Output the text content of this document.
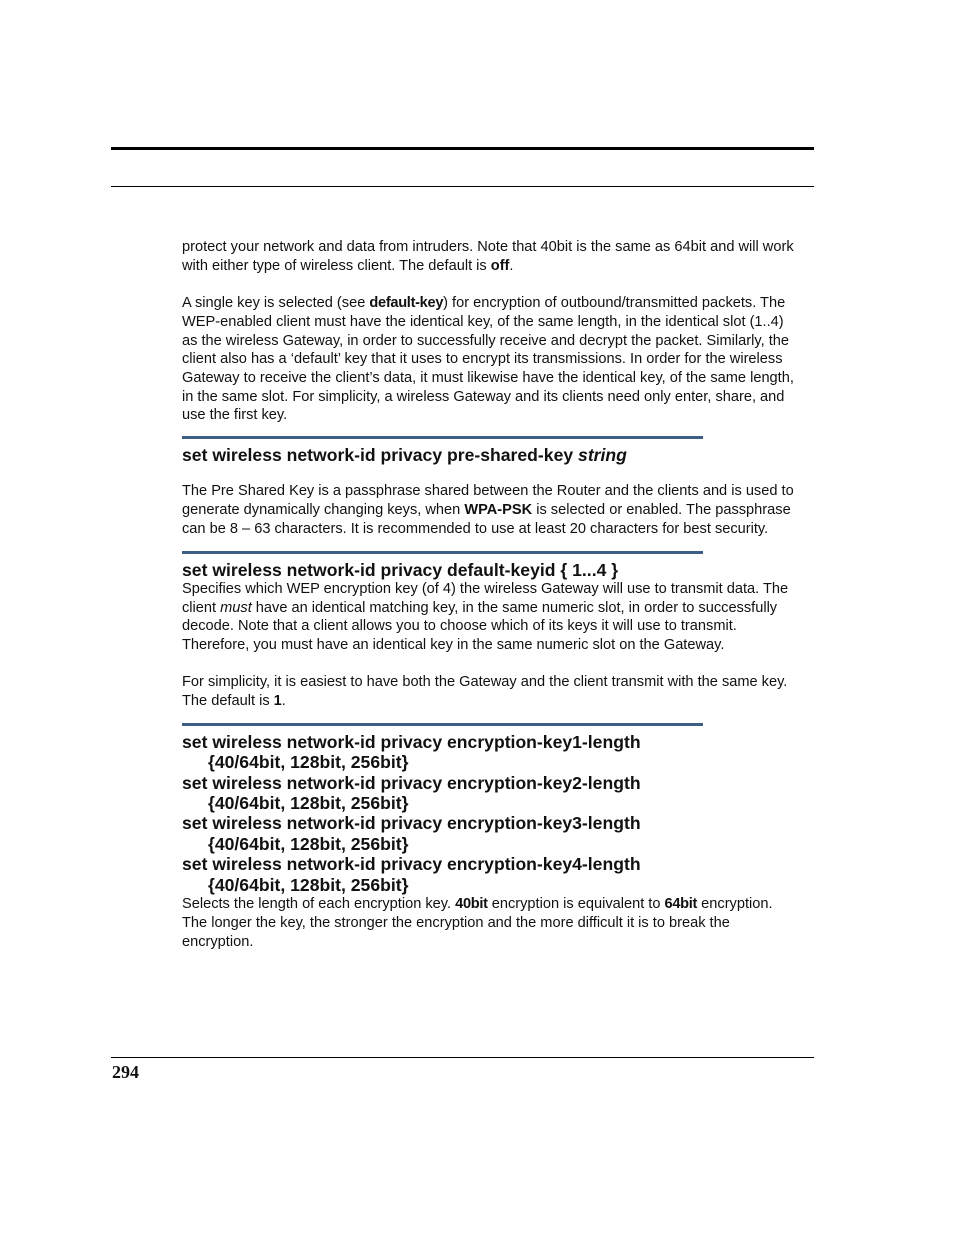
protect your network and data from intruders. Note that 40bit is the same as 64bit and will work with either type of wireless client. The default is off.

A single key is selected (see default-key) for encryption of outbound/transmitted packets. The WEP-enabled client must have the identical key, of the same length, in the identical slot (1..4) as the wireless Gateway, in order to successfully receive and decrypt the packet. Similarly, the client also has a ‘default’ key that it uses to encrypt its transmissions. In order for the wireless Gateway to receive the client’s data, it must likewise have the identical key, of the same length, in the same slot. For simplicity, a wireless Gateway and its clients need only enter, share, and use the first key.

set wireless network-id privacy pre-shared-key string

The Pre Shared Key is a passphrase shared between the Router and the clients and is used to generate dynamically changing keys, when WPA-PSK is selected or enabled. The passphrase can be 8 – 63 characters. It is recommended to use at least 20 characters for best security.

set wireless network-id privacy default-keyid { 1...4 }

Specifies which WEP encryption key (of 4) the wireless Gateway will use to transmit data. The client must have an identical matching key, in the same numeric slot, in order to successfully decode. Note that a client allows you to choose which of its keys it will use to transmit. Therefore, you must have an identical key in the same numeric slot on the Gateway.

For simplicity, it is easiest to have both the Gateway and the client transmit with the same key. The default is 1.

set wireless network-id privacy encryption-key1-length
{40/64bit, 128bit, 256bit}
set wireless network-id privacy encryption-key2-length
{40/64bit, 128bit, 256bit}
set wireless network-id privacy encryption-key3-length
{40/64bit, 128bit, 256bit}
set wireless network-id privacy encryption-key4-length
{40/64bit, 128bit, 256bit}

Selects the length of each encryption key. 40bit encryption is equivalent to 64bit encryption. The longer the key, the stronger the encryption and the more difficult it is to break the encryption.

294
